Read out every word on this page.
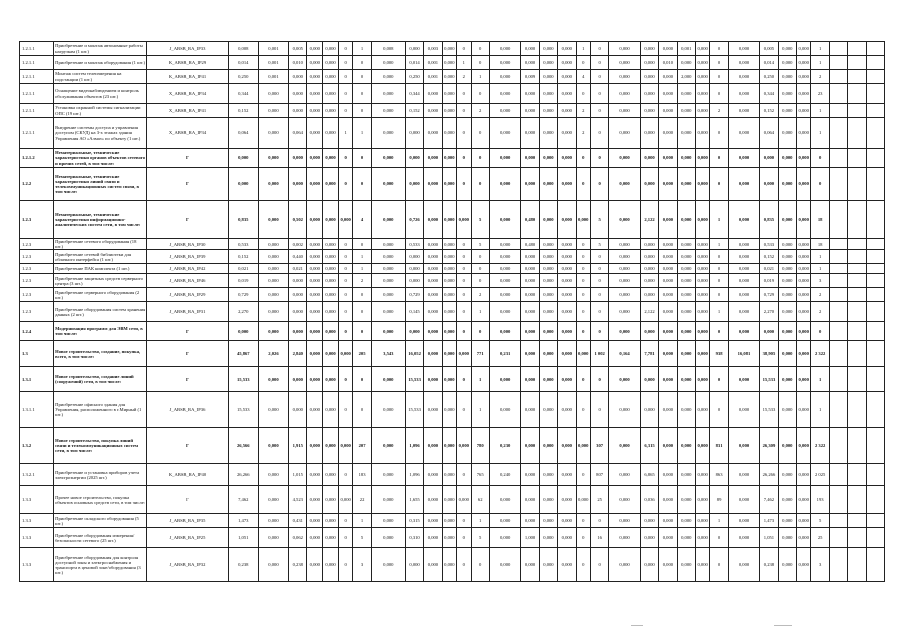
1.2.1.1	Приобретение и монтаж автономные работы нагрузкам (1 шт.)	J_ABSB_RA_IP33	0,008	0,001	0,005	0,000	0,000	0	1	0,008	0,000	0,003	0,000	0	0	0,000	0,000	0,000	0,000	1	0	0,000	0,000	0,000	0,001	0,000	0	0,000	0,005	0,000	0,000	1			
1.2.1.1	Приобретение и монтаж оборудования (1 шт.)	K_ABSB_RA_IP29	0,014	0,001	0,010	0,000	0,000	0	0	0,000	0,014	0,001	0,000	1	0	0,000	0,000	0,000	0,000	0	0	0,000	0,000	0,010	0,000	0,000	0	0,000	0,014	0,000	0,000	1			
1.2.1.1	Монтаж систем телеизмерения на подстанции (1 шт.)	K_ABSB_RA_IP41	0,250	0,001	0,000	0,000	0,000	0	0	0,000	0,250	0,001	0,000	2	1	0,000	0,009	0,000	0,000	4	0	0,000	0,000	0,000	2,000	0,000	0	0,000	0,250	0,000	0,000	2			
1.2.1.1	Оснащение видеонаблюдением и контроль обслуживания объектов (23 шт.)	X_ABSB_RA_IP34	0,344	0,000	0,000	0,000	0,000	0	0	0,000	0,344	0,000	0,000	0	0	0,000	0,000	0,000	0,000	0	0	0,000	0,000	0,000	0,000	0,000	0	0,000	0,344	0,000	0,000	23			
1.2.1.1	Установка охранной системы сигнализации ОПС (19 шт.)	X_ABSB_RA_IP41	0,152	0,000	0,000	0,000	0,000	0	0	0,000	0,152	0,000	0,000	0	2	0,000	0,000	0,000	0,000	2	0	0,000	0,000	0,000	0,000	0,000	2	0,000	0,152	0,000	0,000	1			
1.2.1.1	Внедрение системы доступа и управления доступом (СКУД) на 3-х этажах здания Управления АО «Алмаз» по объекту (1 шт.)	X_ABSB_RA_IP34	0,064	0,000	0,064	0,000	0,000	1	1	0,000	0,000	0,000	0,000	0	0	0,000	0,000	0,000	0,000	2	0	0,000	0,000	0,000	0,000	0,000	0	0,000	0,064	0,000	0,000	1			
1.2.1.2	Нематериальные, технические характеристики органов объектов сетевого и прочих сетей, в том числе:	Г	0,000	0,000	0,000	0,000	0,000	0	0	0,000	0,000	0,000	0,000	0	0	0,000	0,000	0,000	0,000	0	0	0,000	0,000	0,000	0,000	0,000	0	0,000	0,000	0,000	0,000	0			
1.2.2	Нематериальные, технические характеристики линий связи и телекоммуникационных систем связи, в том числе:	Г	0,000	0,000	0,000	0,000	0,000	0	0	0,000	0,000	0,000	0,000	0	0	0,000	0,000	0,000	0,000	0	0	0,000	0,000	0,000	0,000	0,000	0	0,000	0,000	0,000	0,000	0			
1.2.3	Нематериальные, технические характеристики информационно-аналитических систем сети, в том числе:	Г	0,835	0,000	0,502	0,000	0,000	0,000	4	0,000	0,726	0,000	0,000	0,000	5	0,000	0,480	0,000	0,000	0,000	5	0,000	2,122	0,000	0,000	0,000	1	0,000	0,835	0,000	0,000	18			
1.2.3	Приобретение сетевого оборудования (18 шт.)	J_ABSB_RA_IP30	0,533	0,000	0,002	0,000	0,000	0	0	0,000	0,533	0,000	0,000	0	5	0,000	0,480	0,000	0,000	0	5	0,000	0,000	0,000	0,000	0,000	1	0,000	0,533	0,000	0,000	18			
1.2.3	Приобретение сетевой библиотеки для облачного интерфейса (1 шт.)	J_ABSB_RA_IP39	0,152	0,000	0,440	0,000	0,000	0	1	0,000	0,000	0,000	0,000	0	0	0,000	0,000	0,000	0,000	0	0	0,000	0,000	0,000	0,000	0,000	0	0,000	0,152	0,000	0,000	1			
1.2.3	Приобретение ПАК комплекта (1 шт.)	J_ABSB_RA_IP42	0,021	0,000	0,021	0,000	0,000	0	1	0,000	0,000	0,000	0,000	0	0	0,000	0,000	0,000	0,000	0	0	0,000	0,000	0,000	0,000	0,000	0	0,000	0,021	0,000	0,000	1			
1.2.3	Приобретение защитных средств серверного центра (3 шт.)	J_ABSB_RA_IP46	0,019	0,000	0,000	0,000	0,000	0	2	0,000	0,000	0,000	0,000	0	0	0,000	0,000	0,000	0,000	0	0	0,000	0,000	0,000	0,000	0,000	0	0,000	0,019	0,000	0,000	3			
1.2.3	Приобретение серверного оборудования (2 шт.)	J_ABSB_RA_IP29	0,729	0,000	0,000	0,000	0,000	0	0	0,000	0,729	0,000	0,000	0	2	0,000	0,000	0,000	0,000	0	0	0,000	0,000	0,000	0,000	0,000	0	0,000	0,729	0,000	0,000	2			
1.2.3	Приобретение оборудования систем хранения данных (2 шт.)	J_ABSB_RA_IP31	2,270	0,000	0,000	0,000	0,000	0	0	0,000	0,145	0,000	0,000	0	1	0,000	0,000	0,000	0,000	0	0	0,000	2,122	0,000	0,000	0,000	1	0,000	2,270	0,000	0,000	2			
1.2.4	Модернизация программ для ЭВМ сети, в том числе:	Г	0,000	0,000	0,000	0,000	0,000	0	0	0,000	0,000	0,000	0,000	0	0	0,000	0,000	0,000	0,000	0	0	0,000	0,000	0,000	0,000	0,000	0	0,000	0,000	0,000	0,000	0			
1.3	Новое строительство, создание, покупка, всего, в том числе:	Г	45,867	2,026	2,840	0,000	0,000	0,000	205	3,543	16,052	0,000	0,000	0,000	771	0,231	0,000	0,000	0,000	0,000	1 002	0,164	7,781	0,000	0,000	0,000	938	16,081	38,905	0,000	0,000	2 322			
1.3.1	Новое строительство, создание линий (сооружений) сети, в том числе:	Г	15,533	0,000	0,000	0,000	0,000	0	0	0,000	15,533	0,000	0,000	0	1	0,000	0,000	0,000	0,000	0	0	0,000	0,000	0,000	0,000	0,000	0	0,000	15,533	0,000	0,000	1			
1.3.1.1	Приобретение офисного здания для Управления, расположенного в г.Мирный (1 шт.)	J_ABSB_RA_IP36	15,533	0,000	0,000	0,000	0,000	0	0	0,000	15,533	0,000	0,000	0	1	0,000	0,000	0,000	0,000	0	0	0,000	0,000	0,000	0,000	0,000	0	0,000	15,533	0,000	0,000	1			
1.3.2	Новое строительство, покупка линий связи и телекоммуникационных систем сети, в том числе:	Г	26,566	0,000	1,915	0,000	0,000	0,000	207	0,000	1,096	0,000	0,000	0,000	780	0,230	0,000	0,000	0,000	0,000	307	0,000	6,315	0,000	0,000	0,000	831	0,000	26,309	0,000	0,000	2 322			
1.3.2.1	Приобретение и установка приборов учета электроэнергии (2025 шт.)	K_ABSB_RA_IP40	26,266	0,000	1,015	0,000	0,000	0	183	0,000	1,096	0,000	0,000	0	765	0,240	0,000	0,000	0,000	0	807	0,000	6,865	0,000	0,000	0,000	863	0,000	26,266	0,000	0,000	2 025			
1.3.3	Прочее новое строительство, покупка объектов основных средств сети, в том числе:	Г	7,462	0,000	4,523	0,000	0,000	0,000	22	0,000	1,655	0,000	0,000	0,000	62	0,000	0,000	0,000	0,000	0,000	25	0,000	0,036	0,000	0,000	0,000	89	0,000	7,462	0,000	0,000	193			
1.3.3	Приобретение складского оборудования (5 шт.)	J_ABSB_RA_IP35	1,473	0,000	0,431	0,000	0,000	0	1	0,000	0,315	0,000	0,000	0	1	0,000	0,000	0,000	0,000	0	0	0,000	0,000	0,000	0,000	0,000	1	0,000	1,473	0,000	0,000	5			
1.3.3	Приобретение оборудования измерения/безопасности сетевого (25 шт.)	J_ABSB_RA_IP25	1,051	0,000	0,062	0,000	0,000	0	5	0,000	0,310	0,000	0,000	0	5	0,000	1,000	0,000	0,000	0	16	0,000	0,000	0,000	0,000	0,000	0	0,000	1,051	0,000	0,000	25			
1.3.3	Приобретение оборудования для контроля доступной зоны и электроснабжения и транспорта в ценовой зоне/оборудования (3 шт.)	J_ABSB_RA_IP32	0,238	0,000	0,238	0,000	0,000	0	3	0,000	0,000	0,000	0,000	0	0	0,000	0,000	0,000	0,000	0	0	0,000	0,000	0,000	0,000	0,000	0	0,000	0,238	0,000	0,000	3			
